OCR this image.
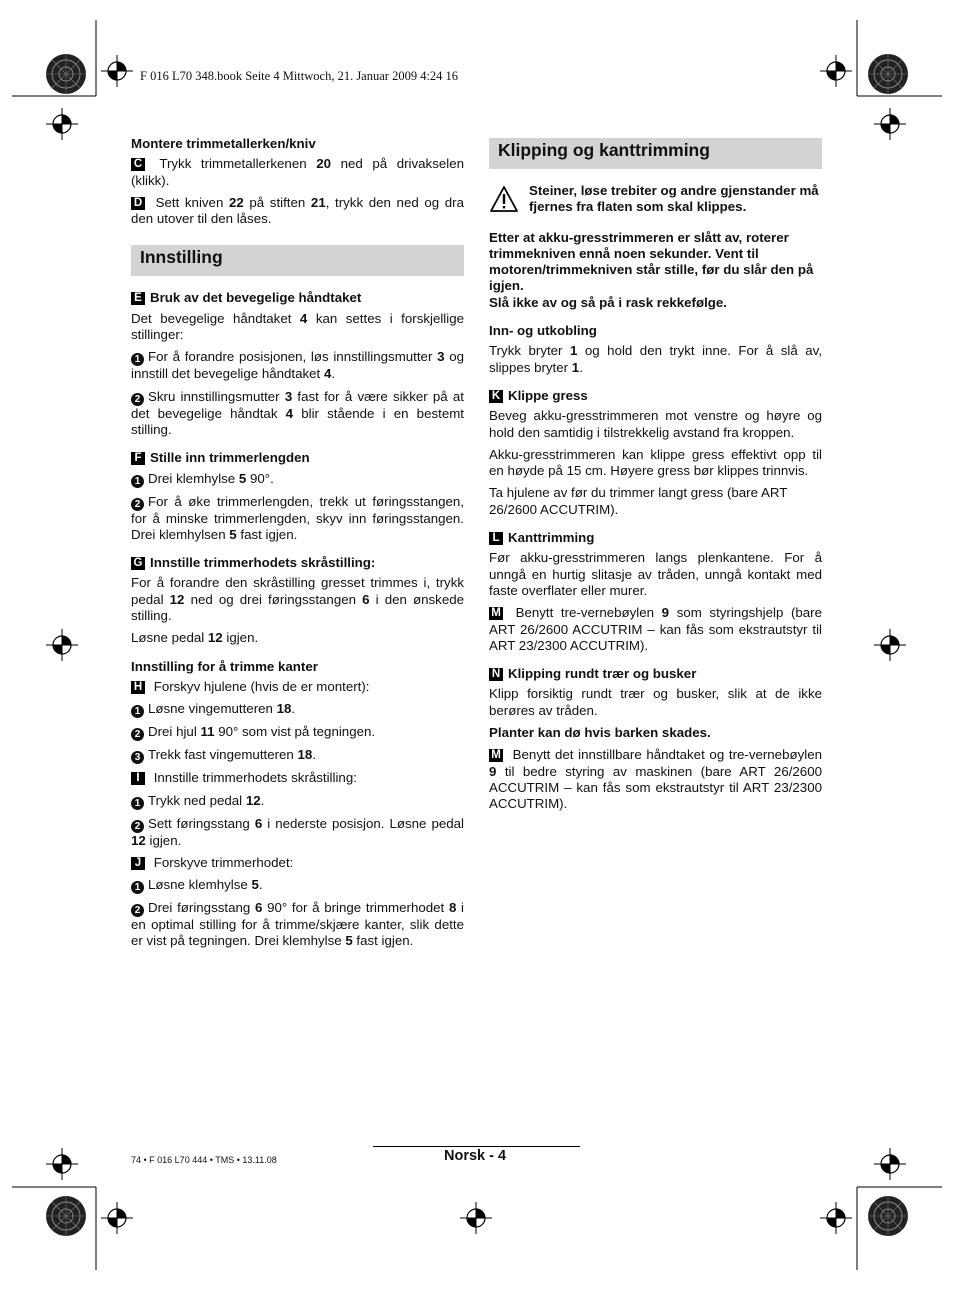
F 016 L70 348.book Seite 4 Mittwoch, 21. Januar 2009 4:24 16
Montere trimmetallerken/kniv

C Trykk trimmetallerkenen 20 ned på drivakselen (klikk).

D Sett kniven 22 på stiften 21, trykk den ned og dra den utover til den låses.

Innstilling
E Bruk av det bevegelige håndtaket

Det bevegelige håndtaket 4 kan settes i forskjellige stillinger:

1 For å forandre posisjonen, løs innstillingsmutter 3 og innstill det bevegelige håndtaket 4.

2 Skru innstillingsmutter 3 fast for å være sikker på at det bevegelige håndtak 4 blir stående i en bestemt stilling.

F Stille inn trimmerlengden

1 Drei klemhylse 5 90°.

2 For å øke trimmerlengden, trekk ut føringsstangen, for å minske trimmerlengden, skyv inn føringsstangen. Drei klemhylsen 5 fast igjen.

G Innstille trimmerhodets skråstilling:

For å forandre den skråstilling gresset trimmes i, trykk pedal 12 ned og drei føringsstangen 6 i den ønskede stilling.

Løsne pedal 12 igjen.

Innstilling for å trimme kanter

H Forskyv hjulene (hvis de er montert):

1 Løsne vingemutteren 18.

2 Drei hjul 11 90° som vist på tegningen.

3 Trekk fast vingemutteren 18.

I Innstille trimmerhodets skråstilling:

1 Trykk ned pedal 12.

2 Sett føringsstang 6 i nederste posisjon. Løsne pedal 12 igjen.

J Forskyve trimmerhodet:

1 Løsne klemhylse 5.

2 Drei føringsstang 6 90° for å bringe trimmerhodet 8 i en optimal stilling for å trimme/skjære kanter, slik dette er vist på tegningen. Drei klemhylse 5 fast igjen.

Klipping og kanttrimming

Steiner, løse trebiter og andre gjenstander må fjernes fra flaten som skal klippes.

Etter at akku-gresstrimmeren er slått av, roterer trimmekniven ennå noen sekunder. Vent til motoren/trimmekniven står stille, før du slår den på igjen.

Slå ikke av og så på i rask rekkefølge.

Inn- og utkobling

Trykk bryter 1 og hold den trykt inne. For å slå av, slippes bryter 1.

K Klippe gress

Beveg akku-gresstrimmeren mot venstre og høyre og hold den samtidig i tilstrekkelig avstand fra kroppen.

Akku-gresstrimmeren kan klippe gress effektivt opp til en høyde på 15 cm. Høyere gress bør klippes trinnvis.

Ta hjulene av før du trimmer langt gress (bare ART 26/2600 ACCUTRIM).

L Kanttrimming

Før akku-gresstrimmeren langs plenkantene. For å unngå en hurtig slitasje av tråden, unngå kontakt med faste overflater eller murer.

M Benytt tre-vernebøylen 9 som styringshjelp (bare ART 26/2600 ACCUTRIM – kan fås som ekstrautstyr til ART 23/2300 ACCUTRIM).

N Klipping rundt trær og busker

Klipp forsiktig rundt trær og busker, slik at de ikke berøres av tråden.

Planter kan dø hvis barken skades.

M Benytt det innstillbare håndtaket og tre-vernebøylen 9 til bedre styring av maskinen (bare ART 26/2600 ACCUTRIM – kan fås som ekstrautstyr til ART 23/2300 ACCUTRIM).

74 • F 016 L70 444 • TMS • 13.11.08	Norsk - 4
